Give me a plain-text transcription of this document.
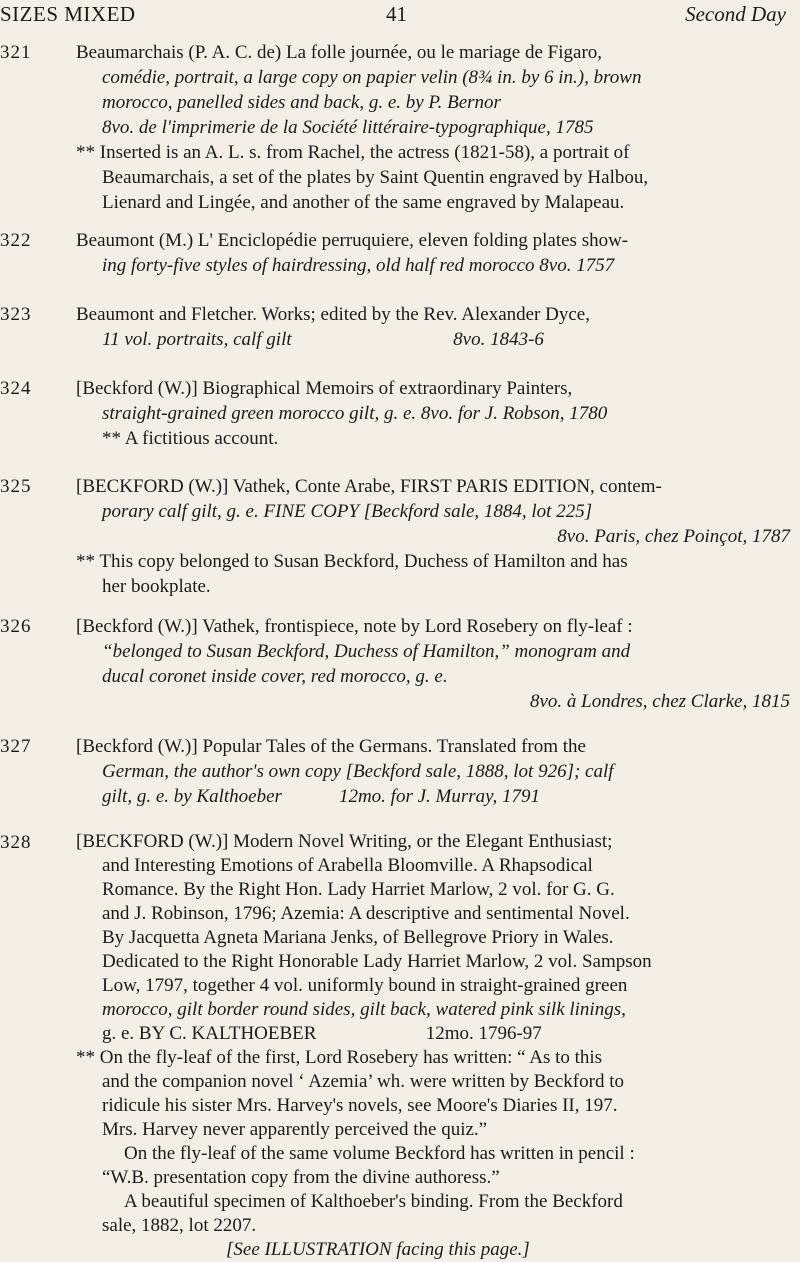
SIZES MIXED	41	Second Day
321	Beaumarchais (P. A. C. de) La folle journée, ou le mariage de Figaro,

comédie, portrait, a large copy on papier velin (8¾ in. by 6 in.), brown

morocco, panelled sides and back, g. e. by P. Bernor

8vo. de l'imprimerie de la Société littéraire-typographique, 1785

** Inserted is an A. L. s. from Rachel, the actress (1821-58), a portrait of

Beaumarchais, a set of the plates by Saint Quentin engraved by Halbou,

Lienard and Lingée, and another of the same engraved by Malapeau.

322	Beaumont (M.) L' Enciclopédie perruquiere, eleven folding plates show-

ing forty-five styles of hairdressing, old half red morocco 8vo. 1757

323	Beaumont and Fletcher. Works; edited by the Rev. Alexander Dyce,

11 vol. portraits, calf gilt                                  8vo. 1843-6

324	[Beckford (W.)] Biographical Memoirs of extraordinary Painters,

straight-grained green morocco gilt, g. e. 8vo. for J. Robson, 1780

** A fictitious account.

325	[BECKFORD (W.)] Vathek, Conte Arabe, FIRST PARIS EDITION, contem-

porary calf gilt, g. e. FINE COPY [Beckford sale, 1884, lot 225]

8vo. Paris, chez Poinçot, 1787

** This copy belonged to Susan Beckford, Duchess of Hamilton and has

her bookplate.

326	[Beckford (W.)] Vathek, frontispiece, note by Lord Rosebery on fly-leaf :

“belonged to Susan Beckford, Duchess of Hamilton,” monogram and

ducal coronet inside cover, red morocco, g. e.

8vo. à Londres, chez Clarke, 1815

327	[Beckford (W.)] Popular Tales of the Germans. Translated from the

German, the author's own copy [Beckford sale, 1888, lot 926]; calf

gilt, g. e. by Kalthoeber            12mo. for J. Murray, 1791

328	[BECKFORD (W.)] Modern Novel Writing, or the Elegant Enthusiast;

and Interesting Emotions of Arabella Bloomville. A Rhapsodical

Romance. By the Right Hon. Lady Harriet Marlow, 2 vol. for G. G.

and J. Robinson, 1796; Azemia: A descriptive and sentimental Novel.

By Jacquetta Agneta Mariana Jenks, of Bellegrove Priory in Wales.

Dedicated to the Right Honorable Lady Harriet Marlow, 2 vol. Sampson

Low, 1797, together 4 vol. uniformly bound in straight-grained green

morocco, gilt border round sides, gilt back, watered pink silk linings,

g. e. BY C. KALTHOEBER                       12mo. 1796-97

** On the fly-leaf of the first, Lord Rosebery has written: “ As to this

and the companion novel ‘ Azemia’ wh. were written by Beckford to

ridicule his sister Mrs. Harvey's novels, see Moore's Diaries II, 197.

Mrs. Harvey never apparently perceived the quiz.”

On the fly-leaf of the same volume Beckford has written in pencil :

“W.B. presentation copy from the divine authoress.”

A beautiful specimen of Kalthoeber's binding. From the Beckford

sale, 1882, lot 2207.

[See ILLUSTRATION facing this page.]
